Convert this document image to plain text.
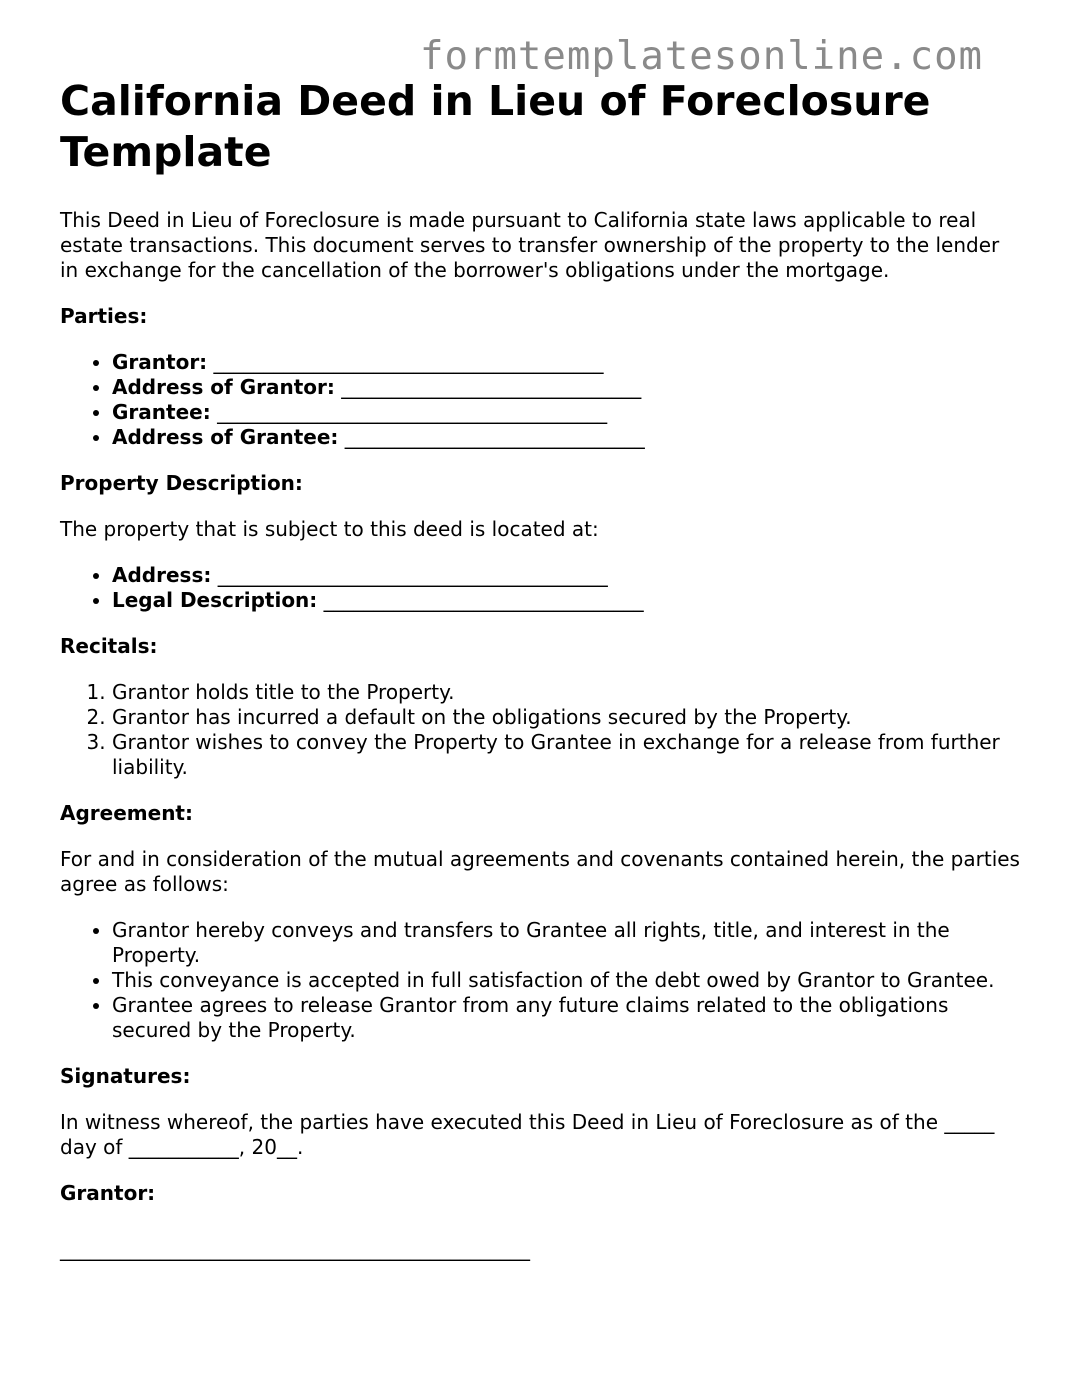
formtemplatesonline.com
California Deed in Lieu of Foreclosure Template

This Deed in Lieu of Foreclosure is made pursuant to California state laws applicable to real estate transactions. This document serves to transfer ownership of the property to the lender in exchange for the cancellation of the borrower's obligations under the mortgage.

Parties:
• Grantor: _______________________________________
• Address of Grantor: ______________________________
• Grantee: _______________________________________
• Address of Grantee: ______________________________
Property Description:

The property that is subject to this deed is located at:

• Address: _______________________________________
• Legal Description: ________________________________
Recitals:
1. Grantor holds title to the Property.
2. Grantor has incurred a default on the obligations secured by the Property.
3. Grantor wishes to convey the Property to Grantee in exchange for a release from further liability.
Agreement:

For and in consideration of the mutual agreements and covenants contained herein, the parties agree as follows:

• Grantor hereby conveys and transfers to Grantee all rights, title, and interest in the Property.
• This conveyance is accepted in full satisfaction of the debt owed by Grantor to Grantee.
• Grantee agrees to release Grantor from any future claims related to the obligations secured by the Property.
Signatures:

In witness whereof, the parties have executed this Deed in Lieu of Foreclosure as of the _____ day of ___________, 20__.

Grantor:
_______________________________________________
